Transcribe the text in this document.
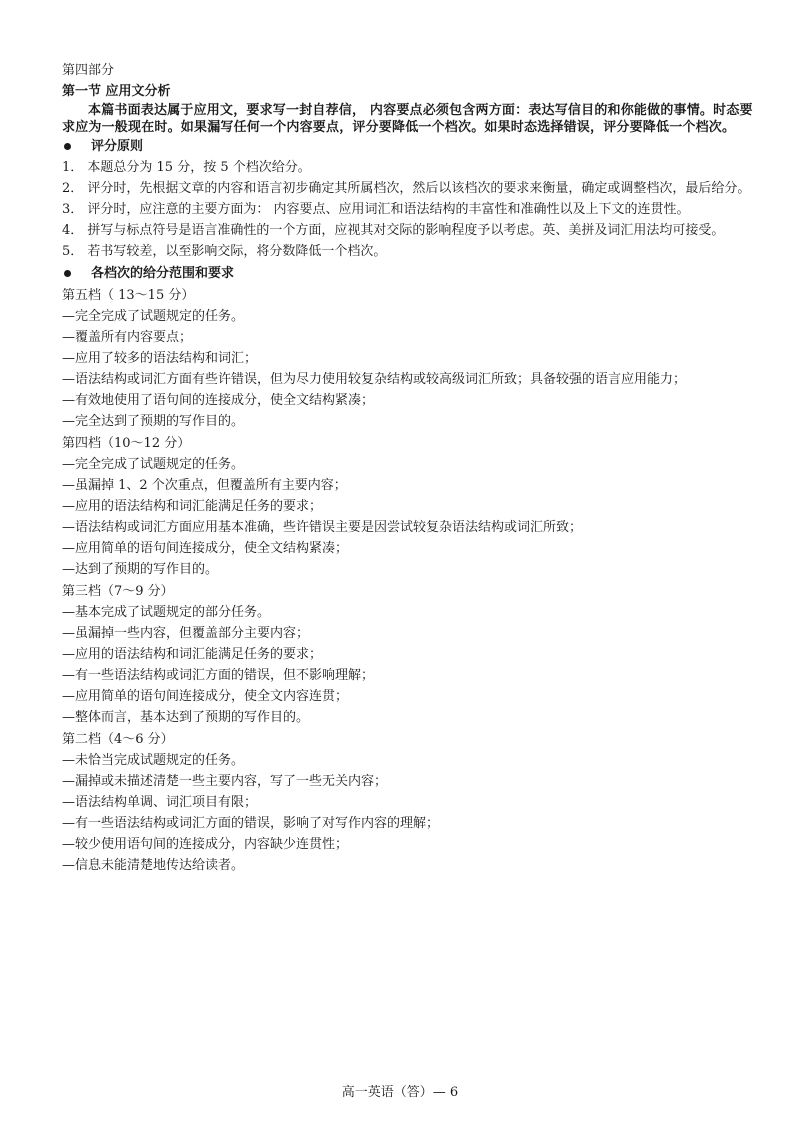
第四部分
第一节 应用文分析
本篇书面表达属于应用文，要求写一封自荐信， 内容要点必须包含两方面：表达写信目的和你能做的事情。时态要求应为一般现在时。如果漏写任何一个内容要点，评分要降低一个档次。如果时态选择错误，评分要降低一个档次。
评分原则
1． 本题总分为 15 分，按 5 个档次给分。
2． 评分时，先根据文章的内容和语言初步确定其所属档次，然后以该档次的要求来衡量，确定或调整档次，最后给分。
3． 评分时，应注意的主要方面为： 内容要点、应用词汇和语法结构的丰富性和准确性以及上下文的连贯性。
4． 拼写与标点符号是语言准确性的一个方面，应视其对交际的影响程度予以考虑。英、美拼及词汇用法均可接受。
5． 若书写较差，以至影响交际，将分数降低一个档次。
各档次的给分范围和要求
第五档（ 13～15 分）
—完全完成了试题规定的任务。
—覆盖所有内容要点；
—应用了较多的语法结构和词汇；
—语法结构或词汇方面有些许错误，但为尽力使用较复杂结构或较高级词汇所致；具备较强的语言应用能力；
—有效地使用了语句间的连接成分，使全文结构紧凑；
—完全达到了预期的写作目的。
第四档（10～12 分）
—完全完成了试题规定的任务。
—虽漏掉 1、2 个次重点，但覆盖所有主要内容；
—应用的语法结构和词汇能满足任务的要求；
—语法结构或词汇方面应用基本准确，些许错误主要是因尝试较复杂语法结构或词汇所致；
—应用简单的语句间连接成分，使全文结构紧凑；
—达到了预期的写作目的。
第三档（7～9 分）
—基本完成了试题规定的部分任务。
—虽漏掉一些内容，但覆盖部分主要内容；
—应用的语法结构和词汇能满足任务的要求；
—有一些语法结构或词汇方面的错误，但不影响理解；
—应用简单的语句间连接成分，使全文内容连贯；
—整体而言，基本达到了预期的写作目的。
第二档（4～6 分）
—未恰当完成试题规定的任务。
—漏掉或未描述清楚一些主要内容，写了一些无关内容；
—语法结构单调、词汇项目有限；
—有一些语法结构或词汇方面的错误，影响了对写作内容的理解；
—较少使用语句间的连接成分，内容缺少连贯性；
—信息未能清楚地传达给读者。
高一英语（答）— 6
